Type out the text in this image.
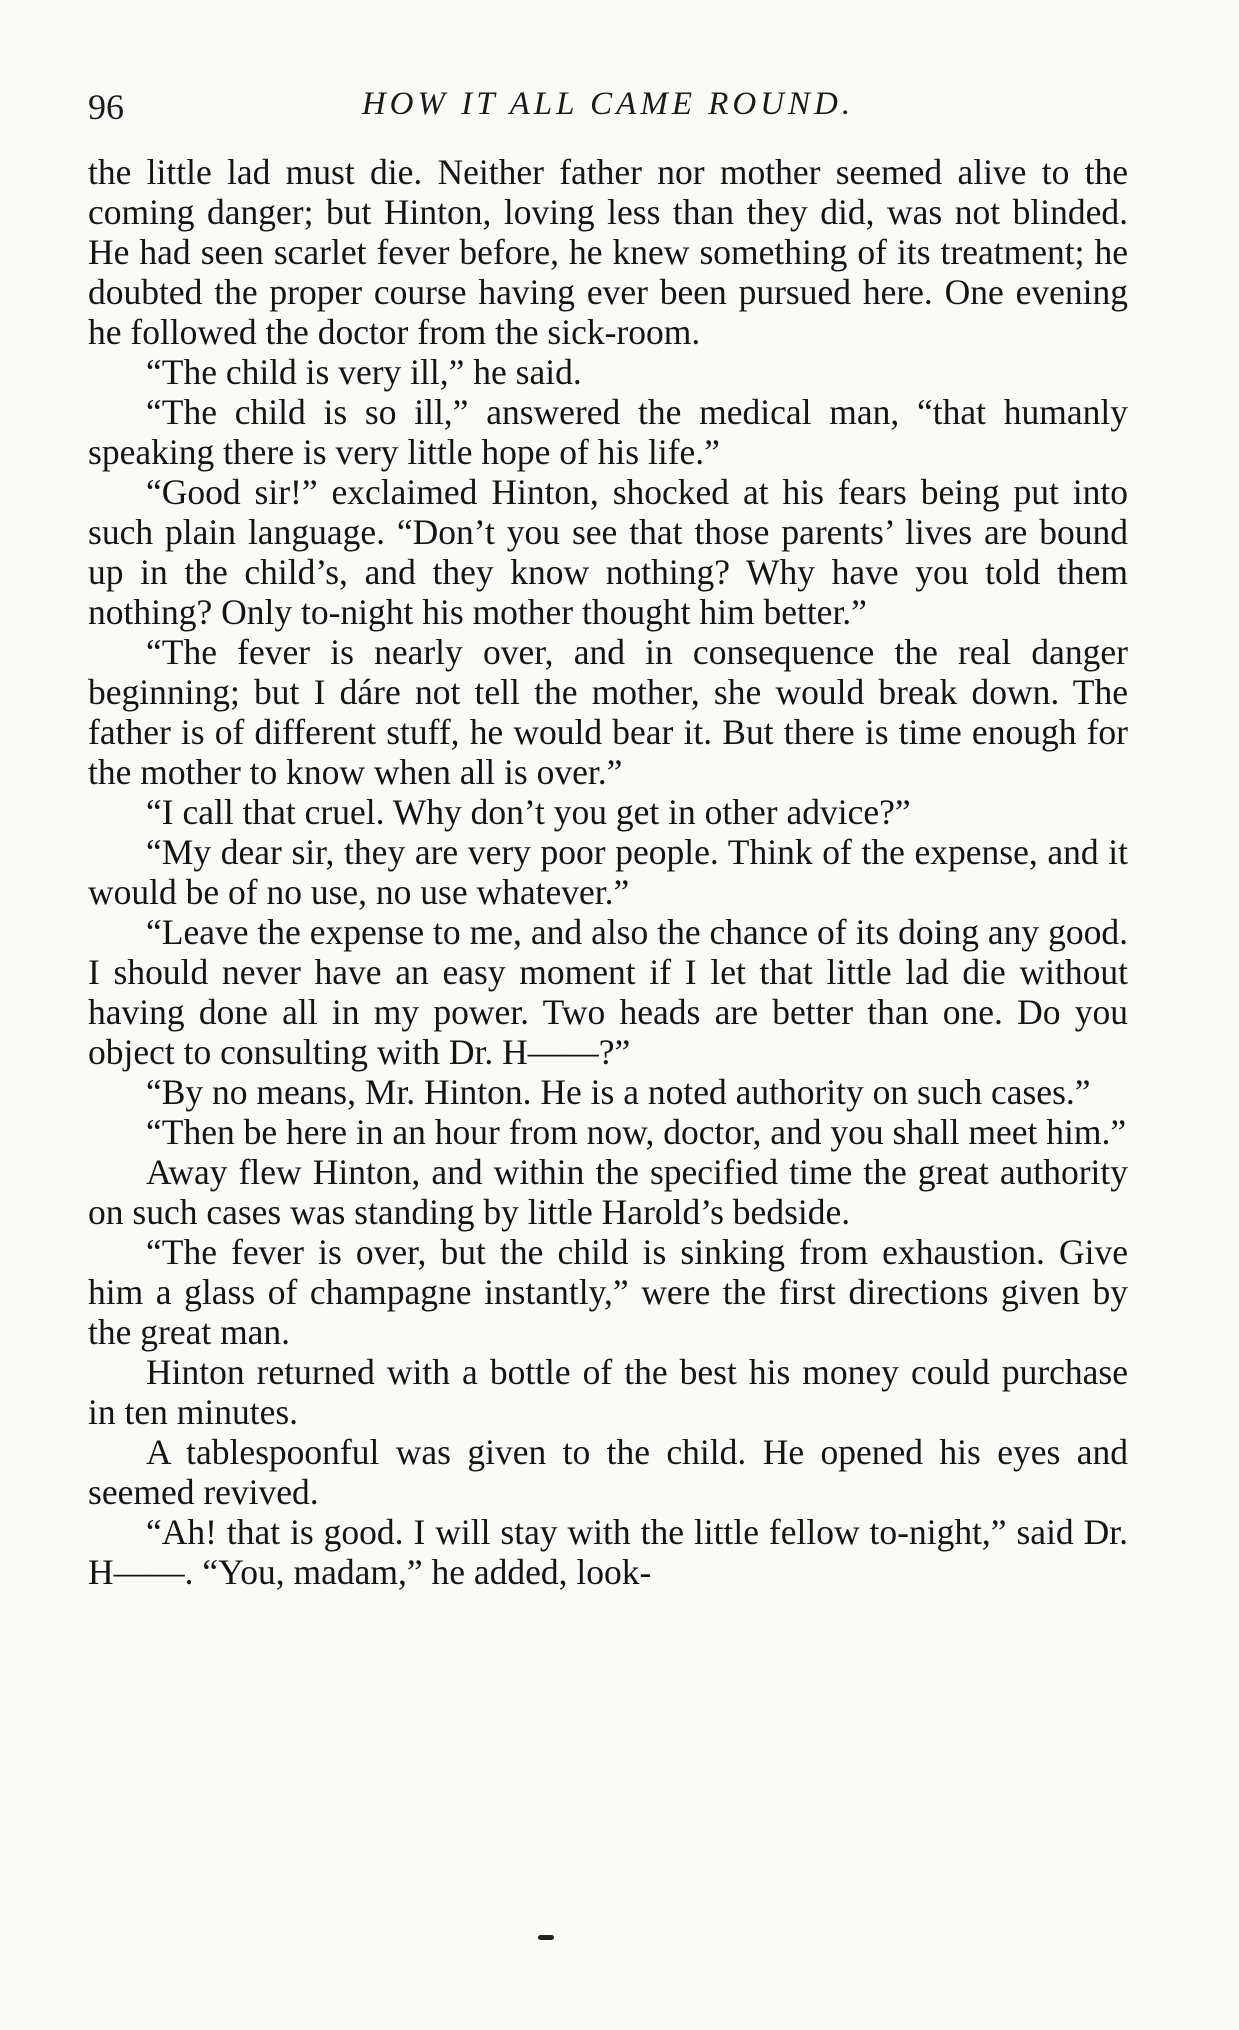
96	HOW IT ALL CAME ROUND.

the little lad must die. Neither father nor mother seemed alive to the coming danger; but Hinton, loving less than they did, was not blinded. He had seen scarlet fever before, he knew something of its treatment; he doubted the proper course having ever been pursued here. One evening he followed the doctor from the sick-room.

“The child is very ill,” he said.

“The child is so ill,” answered the medical man, “that humanly speaking there is very little hope of his life.”

“Good sir!” exclaimed Hinton, shocked at his fears being put into such plain language. “Don’t you see that those parents’ lives are bound up in the child’s, and they know nothing? Why have you told them nothing? Only to-night his mother thought him better.”

“The fever is nearly over, and in consequence the real danger beginning; but I dáre not tell the mother, she would break down. The father is of different stuff, he would bear it. But there is time enough for the mother to know when all is over.”

“I call that cruel. Why don’t you get in other advice?”

“My dear sir, they are very poor people. Think of the expense, and it would be of no use, no use whatever.”

“Leave the expense to me, and also the chance of its doing any good. I should never have an easy moment if I let that little lad die without having done all in my power. Two heads are better than one. Do you object to consulting with Dr. H——?”

“By no means, Mr. Hinton. He is a noted authority on such cases.”

“Then be here in an hour from now, doctor, and you shall meet him.”

Away flew Hinton, and within the specified time the great authority on such cases was standing by little Harold’s bedside.

“The fever is over, but the child is sinking from exhaustion. Give him a glass of champagne instantly,” were the first directions given by the great man.

Hinton returned with a bottle of the best his money could purchase in ten minutes.

A tablespoonful was given to the child. He opened his eyes and seemed revived.

“Ah! that is good. I will stay with the little fellow to-night,” said Dr. H——. “You, madam,” he added, look-
